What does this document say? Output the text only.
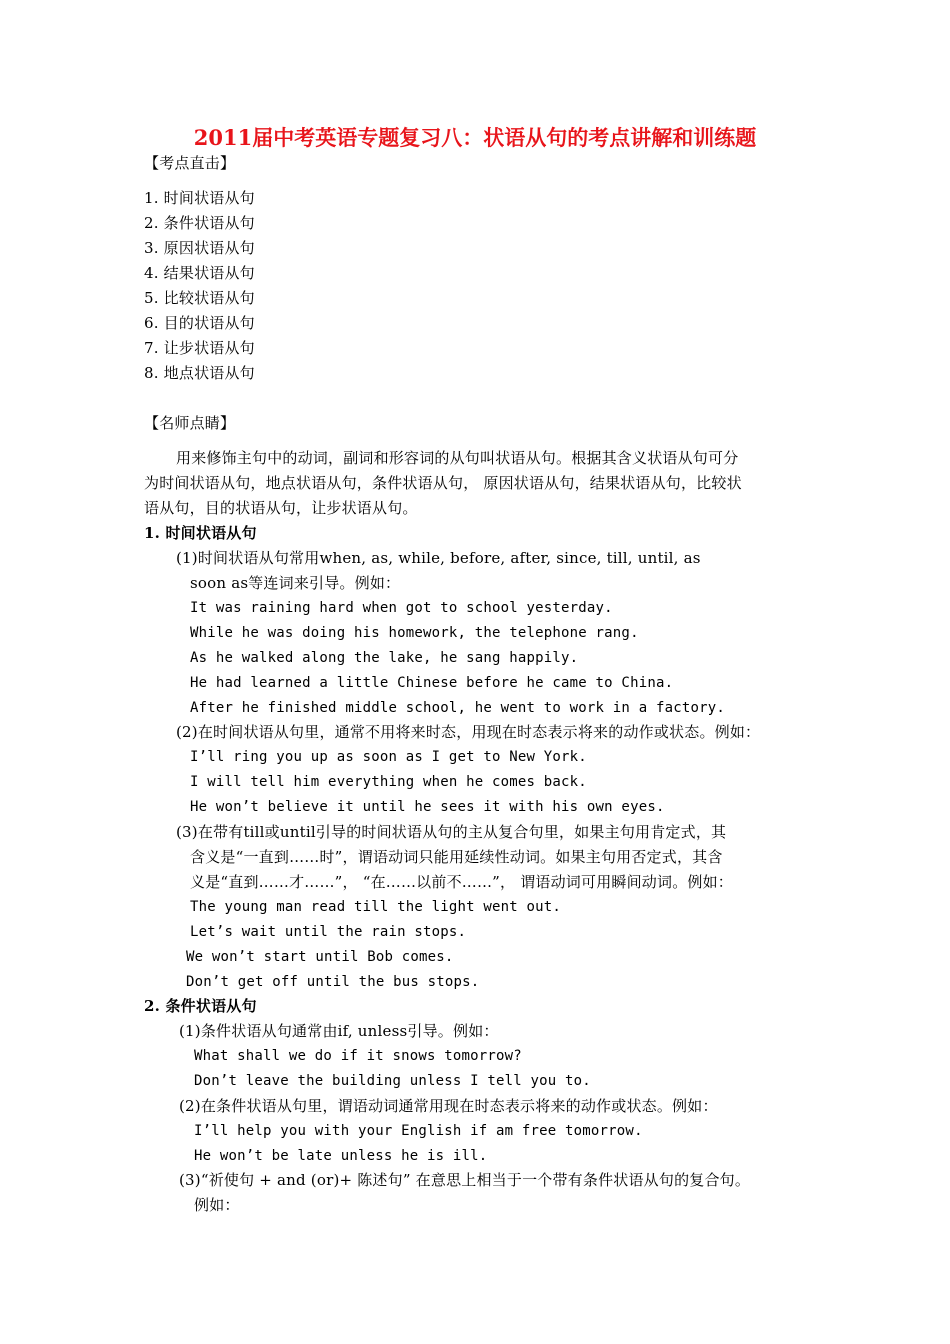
2011届中考英语专题复习八：状语从句的考点讲解和训练题
【考点直击】
1. 时间状语从句
2. 条件状语从句
3. 原因状语从句
4. 结果状语从句
5. 比较状语从句
6. 目的状语从句
7. 让步状语从句
8. 地点状语从句
【名师点睛】
用来修饰主句中的动词，副词和形容词的从句叫状语从句。根据其含义状语从句可分
为时间状语从句，地点状语从句，条件状语从句， 原因状语从句，结果状语从句，比较状
语从句，目的状语从句，让步状语从句。
1. 时间状语从句
(1)时间状语从句常用when, as, while, before, after, since, till, until, as
soon as等连词来引导。例如：
It was raining hard when got to school yesterday.
While he was doing his homework, the telephone rang.
As he walked along the lake, he sang happily.
He had learned a little Chinese before he came to China.
After he finished middle school, he went to work in a factory.
(2)在时间状语从句里，通常不用将来时态，用现在时态表示将来的动作或状态。例如：
I’ll ring you up as soon as I get to New York.
I will tell him everything when he comes back.
He won’t believe it until he sees it with his own eyes.
(3)在带有till或until引导的时间状语从句的主从复合句里，如果主句用肯定式，其
含义是“一直到……时”，谓语动词只能用延续性动词。如果主句用否定式，其含
义是“直到……才……”， “在……以前不……”， 谓语动词可用瞬间动词。例如：
The young man read till the light went out.
Let’s wait until the rain stops.
We won’t start until Bob comes.
Don’t get off until the bus stops.
2. 条件状语从句
(1)条件状语从句通常由if, unless引导。例如：
What shall we do if it snows tomorrow?
Don’t leave the building unless I tell you to.
(2)在条件状语从句里，谓语动词通常用现在时态表示将来的动作或状态。例如：
I’ll help you with your English if am free tomorrow.
He won’t be late unless he is ill.
(3)“祈使句 + and (or)+ 陈述句” 在意思上相当于一个带有条件状语从句的复合句。
例如：
